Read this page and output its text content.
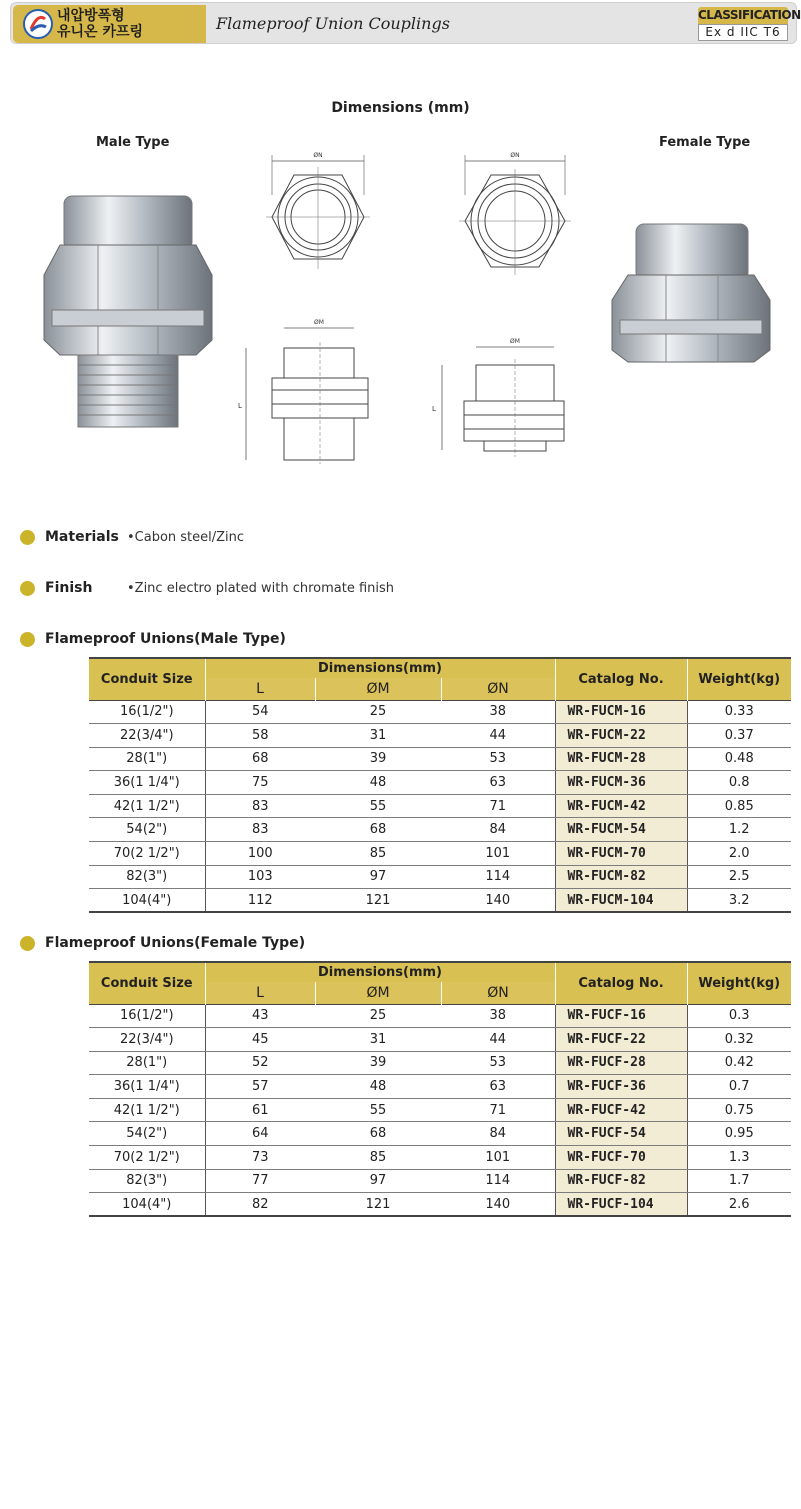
내압방폭형
유니온 카프링	Flameproof Union Couplings	CLASSIFICATION
Ex d IIC T6
Dimensions (mm)
Male Type	Female Type
ØN	ØN
ØM
L
ØM
L
Materials •Cabon steel/Zinc
Finish	•Zinc electro plated with chromate finish
Flameproof Unions(Male Type)
Conduit Size	Dimensions(mm)			Catalog No.	Weight(kg)
	L	ØM	ØN		
16(1/2")	54	25	38	WR-FUCM-16	0.33
22(3/4")	58	31	44	WR-FUCM-22	0.37
28(1")	68	39	53	WR-FUCM-28	0.48
36(1 1/4")	75	48	63	WR-FUCM-36	0.8
42(1 1/2")	83	55	71	WR-FUCM-42	0.85
54(2")	83	68	84	WR-FUCM-54	1.2
70(2 1/2")	100	85	101	WR-FUCM-70	2.0
82(3")	103	97	114	WR-FUCM-82	2.5
104(4")	112	121	140	WR-FUCM-104	3.2
Flameproof Unions(Female Type)
Conduit Size	Dimensions(mm)			Catalog No.	Weight(kg)
	L	ØM	ØN		
16(1/2")	43	25	38	WR-FUCF-16	0.3
22(3/4")	45	31	44	WR-FUCF-22	0.32
28(1")	52	39	53	WR-FUCF-28	0.42
36(1 1/4")	57	48	63	WR-FUCF-36	0.7
42(1 1/2")	61	55	71	WR-FUCF-42	0.75
54(2")	64	68	84	WR-FUCF-54	0.95
70(2 1/2")	73	85	101	WR-FUCF-70	1.3
82(3")	77	97	114	WR-FUCF-82	1.7
104(4")	82	121	140	WR-FUCF-104	2.6
